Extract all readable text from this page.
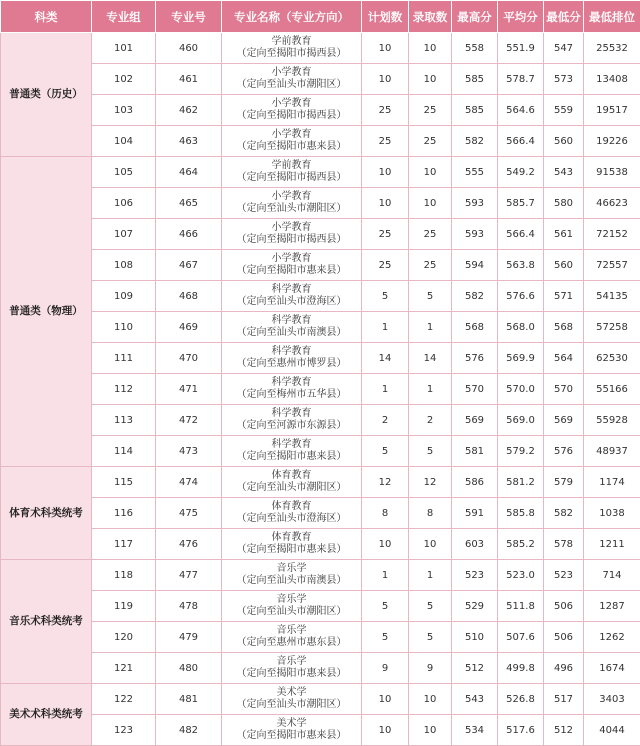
科类	专业组	专业号	专业名称（专业方向）	计划数	录取数	最高分	平均分	最低分	最低排位
普通类（历史）	101	460	学前教育
（定向至揭阳市揭西县）	10	10	558	551.9	547	25532
	102	461	小学教育
（定向至汕头市潮阳区）	10	10	585	578.7	573	13408
	103	462	小学教育
（定向至揭阳市揭西县）	25	25	585	564.6	559	19517
	104	463	小学教育
（定向至揭阳市惠来县）	25	25	582	566.4	560	19226
普通类（物理）	105	464	学前教育
（定向至揭阳市揭西县）	10	10	555	549.2	543	91538
	106	465	小学教育
（定向至汕头市潮阳区）	10	10	593	585.7	580	46623
	107	466	小学教育
（定向至揭阳市揭西县）	25	25	593	566.4	561	72152
	108	467	小学教育
（定向至揭阳市惠来县）	25	25	594	563.8	560	72557
	109	468	科学教育
（定向至汕头市澄海区）	5	5	582	576.6	571	54135
	110	469	科学教育
（定向至汕头市南澳县）	1	1	568	568.0	568	57258
	111	470	科学教育
（定向至惠州市博罗县）	14	14	576	569.9	564	62530
	112	471	科学教育
（定向至梅州市五华县）	1	1	570	570.0	570	55166
	113	472	科学教育
（定向至河源市东源县）	2	2	569	569.0	569	55928
	114	473	科学教育
（定向至揭阳市惠来县）	5	5	581	579.2	576	48937
体育术科类统考	115	474	体育教育
（定向至汕头市潮阳区）	12	12	586	581.2	579	1174
	116	475	体育教育
（定向至汕头市澄海区）	8	8	591	585.8	582	1038
	117	476	体育教育
（定向至揭阳市惠来县）	10	10	603	585.2	578	1211
音乐术科类统考	118	477	音乐学
（定向至汕头市南澳县）	1	1	523	523.0	523	714
	119	478	音乐学
（定向至汕头市潮阳区）	5	5	529	511.8	506	1287
	120	479	音乐学
（定向至惠州市惠东县）	5	5	510	507.6	506	1262
	121	480	音乐学
（定向至揭阳市惠来县）	9	9	512	499.8	496	1674
美术术科类统考	122	481	美术学
（定向至汕头市潮阳区）	10	10	543	526.8	517	3403
	123	482	美术学
（定向至揭阳市惠来县）	10	10	534	517.6	512	4044
